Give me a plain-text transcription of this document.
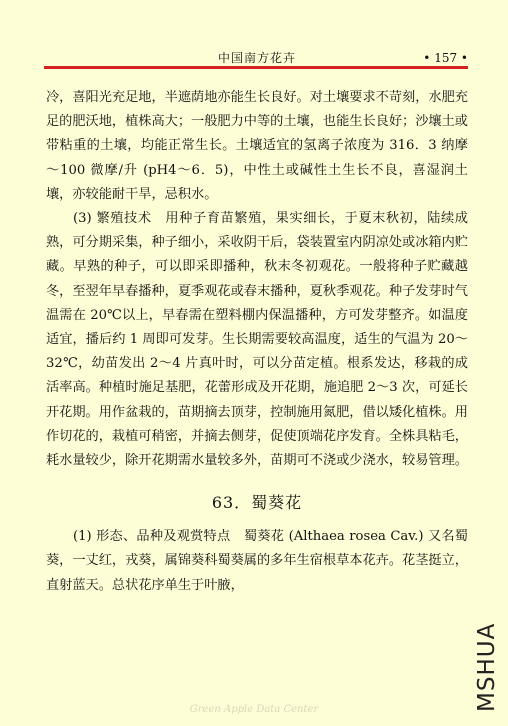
中国南方花卉	• 157 •

冷，喜阳光充足地，半遮荫地亦能生长良好。对土壤要求不苛刻，水肥充足的肥沃地，植株高大；一般肥力中等的土壤，也能生长良好；沙壤土或带粘重的土壤，均能正常生长。土壤适宜的氢离子浓度为 316．3 纳摩～100 微摩/升 (pH4～6．5)，中性土或碱性土生长不良，喜湿润土壤，亦较能耐干旱，忌积水。

(3) 繁殖技术　用种子育苗繁殖，果实细长，于夏末秋初，陆续成熟，可分期采集，种子细小，采收阴干后，袋装置室内阴凉处或冰箱内贮藏。早熟的种子，可以即采即播种，秋末冬初观花。一般将种子贮藏越冬，至翌年早春播种，夏季观花或春末播种，夏秋季观花。种子发芽时气温需在 20℃以上，早春需在塑料棚内保温播种，方可发芽整齐。如温度适宜，播后约 1 周即可发芽。生长期需要较高温度，适生的气温为 20～32℃，幼苗发出 2～4 片真叶时，可以分苗定植。根系发达，移栽的成活率高。种植时施足基肥，花蕾形成及开花期，施追肥 2～3 次，可延长开花期。用作盆栽的，苗期摘去顶芽，控制施用氮肥，借以矮化植株。用作切花的，栽植可稍密，并摘去侧芽，促使顶端花序发育。全株具粘毛，耗水量较少，除开花期需水量较多外，苗期可不浇或少浇水，较易管理。

63．蜀葵花

(1) 形态、品种及观赏特点　蜀葵花 (Althaea rosea Cav.) 又名蜀葵，一丈红，戎葵，属锦葵科蜀葵属的多年生宿根草本花卉。花茎挺立，直射蓝天。总状花序单生于叶腋，

MSHUA
Green Apple Data Center
